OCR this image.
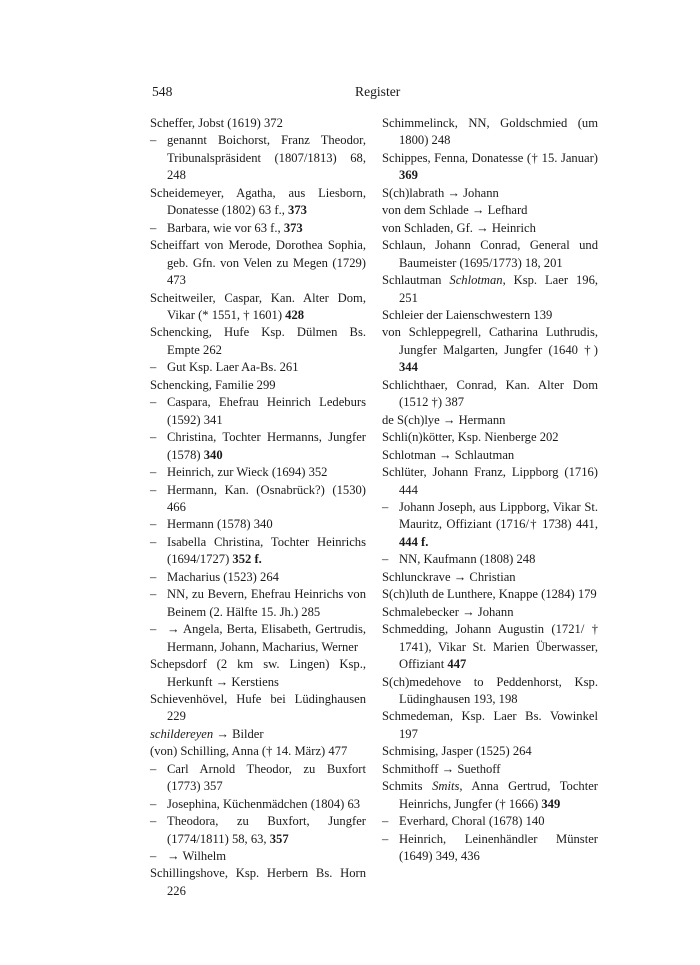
548	Register

Scheffer, Jobst (1619) 372

– genannt Boichorst, Franz Theodor, Tribunalspräsident (1807/1813) 68, 248

Scheidemeyer, Agatha, aus Liesborn, Donatesse (1802) 63 f., 373

– Barbara, wie vor 63 f., 373

Scheiffart von Merode, Dorothea Sophia, geb. Gfn. von Velen zu Megen (1729) 473

Scheitweiler, Caspar, Kan. Alter Dom, Vikar (* 1551, † 1601) 428

Schencking, Hufe Ksp. Dülmen Bs. Empte 262

– Gut Ksp. Laer Aa-Bs. 261

Schencking, Familie 299

– Caspara, Ehefrau Heinrich Ledeburs (1592) 341

– Christina, Tochter Hermanns, Jungfer (1578) 340

– Heinrich, zur Wieck (1694) 352

– Hermann, Kan. (Osnabrück?) (1530) 466

– Hermann (1578) 340

– Isabella Christina, Tochter Heinrichs (1694/1727) 352 f.

– Macharius (1523) 264

– NN, zu Bevern, Ehefrau Heinrichs von Beinem (2. Hälfte 15. Jh.) 285

– → Angela, Berta, Elisabeth, Gertrudis, Hermann, Johann, Macharius, Werner

Schepsdorf (2 km sw. Lingen) Ksp., Herkunft → Kerstiens

Schievenhövel, Hufe bei Lüdinghausen 229

schildereyen → Bilder

(von) Schilling, Anna († 14. März) 477

– Carl Arnold Theodor, zu Buxfort (1773) 357

– Josephina, Küchenmädchen (1804) 63

– Theodora, zu Buxfort, Jungfer (1774/1811) 58, 63, 357

– → Wilhelm

Schillingshove, Ksp. Herbern Bs. Horn 226

Schimmelinck, NN, Goldschmied (um 1800) 248

Schippes, Fenna, Donatesse († 15. Januar) 369

S(ch)labrath → Johann

von dem Schlade → Lefhard

von Schladen, Gf. → Heinrich

Schlaun, Johann Conrad, General und Baumeister (1695/1773) 18, 201

Schlautman Schlotman, Ksp. Laer 196, 251

Schleier der Laienschwestern 139

von Schleppegrell, Catharina Luthrudis, Jungfer Malgarten, Jungfer (1640 †) 344

Schlichthaer, Conrad, Kan. Alter Dom (1512 †) 387

de S(ch)lye → Hermann

Schli(n)kötter, Ksp. Nienberge 202

Schlotman → Schlautman

Schlüter, Johann Franz, Lippborg (1716) 444

– Johann Joseph, aus Lippborg, Vikar St. Mauritz, Offiziant (1716/† 1738) 441, 444 f.

– NN, Kaufmann (1808) 248

Schlunckrave → Christian

S(ch)luth de Lunthere, Knappe (1284) 179

Schmalebecker → Johann

Schmedding, Johann Augustin (1721/ † 1741), Vikar St. Marien Überwasser, Offiziant 447

S(ch)medehove to Peddenhorst, Ksp. Lüdinghausen 193, 198

Schmedeman, Ksp. Laer Bs. Vowinkel 197

Schmising, Jasper (1525) 264

Schmithoff → Suethoff

Schmits Smits, Anna Gertrud, Tochter Heinrichs, Jungfer († 1666) 349

– Everhard, Choral (1678) 140

– Heinrich, Leinenhändler Münster (1649) 349, 436
